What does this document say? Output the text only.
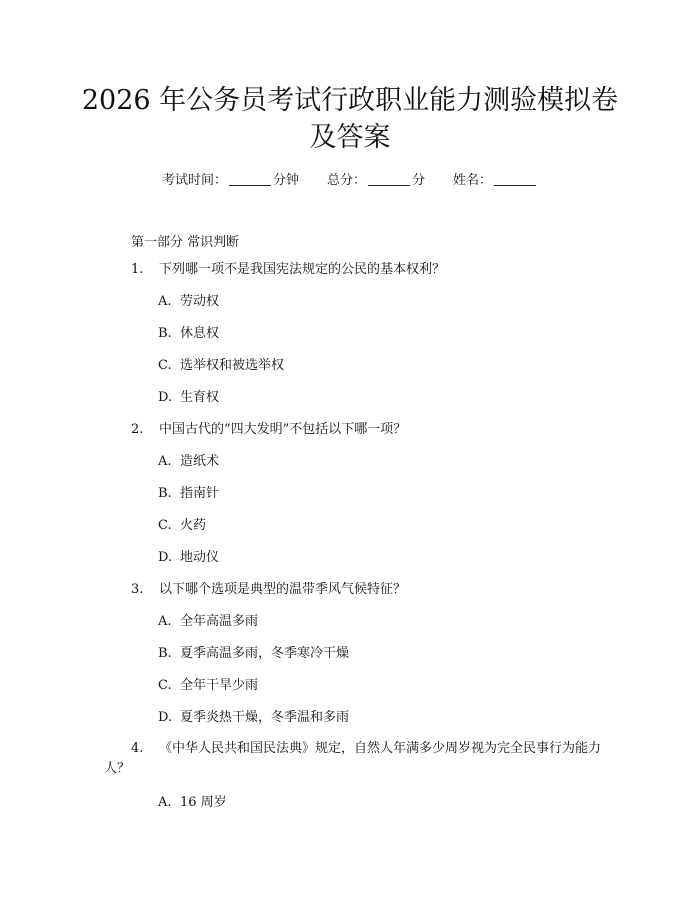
2026 年公务员考试行政职业能力测验模拟卷
及答案
考试时间：	分钟 总分：	分 姓名：
第一部分 常识判断
1. 下列哪一项不是我国宪法规定的公民的基本权利？
A. 劳动权
B. 休息权
C. 选举权和被选举权
D. 生育权
2. 中国古代的“四大发明”不包括以下哪一项？
A. 造纸术
B. 指南针
C. 火药
D. 地动仪
3. 以下哪个选项是典型的温带季风气候特征？
A. 全年高温多雨
B. 夏季高温多雨，冬季寒冷干燥
C. 全年干旱少雨
D. 夏季炎热干燥，冬季温和多雨
4. 《中华人民共和国民法典》规定，自然人年满多少周岁视为完全民事行为能力人？
A. 16 周岁
